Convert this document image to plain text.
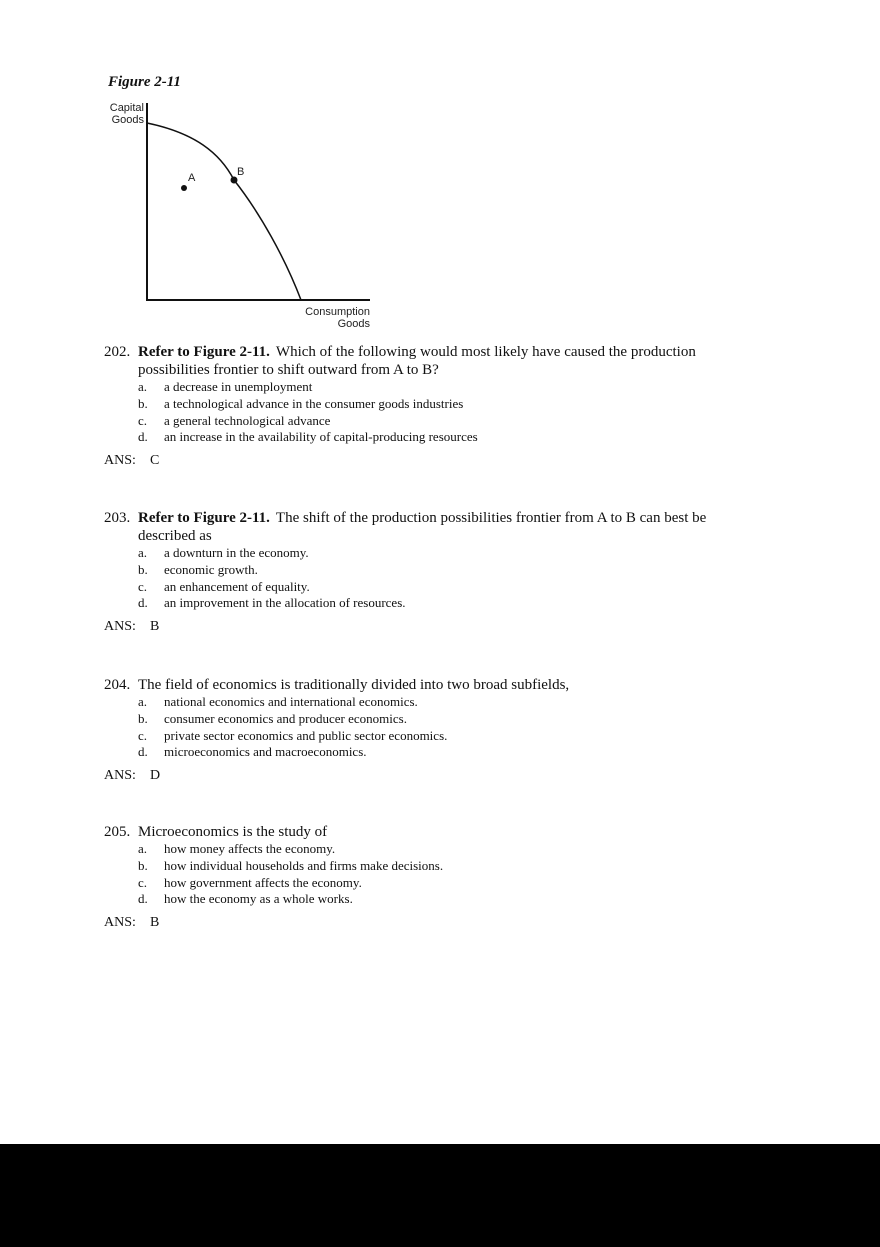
Figure 2-11
Capital
Goods
Consumption
Goods
A	B
202. Refer to Figure 2-11. Which of the following would most likely have caused the production possibilities frontier to shift outward from A to B?
a.	a decrease in unemployment
b.	a technological advance in the consumer goods industries
c.	a general technological advance
d.	an increase in the availability of capital-producing resources
ANS: C
203. Refer to Figure 2-11. The shift of the production possibilities frontier from A to B can best be described as
a.	a downturn in the economy.
b.	economic growth.
c.	an enhancement of equality.
d.	an improvement in the allocation of resources.
ANS: B
204. The field of economics is traditionally divided into two broad subfields,
a.	national economics and international economics.
b.	consumer economics and producer economics.
c.	private sector economics and public sector economics.
d.	microeconomics and macroeconomics.
ANS: D
205. Microeconomics is the study of
a.	how money affects the economy.
b.	how individual households and firms make decisions.
c.	how government affects the economy.
d.	how the economy as a whole works.
ANS: B
